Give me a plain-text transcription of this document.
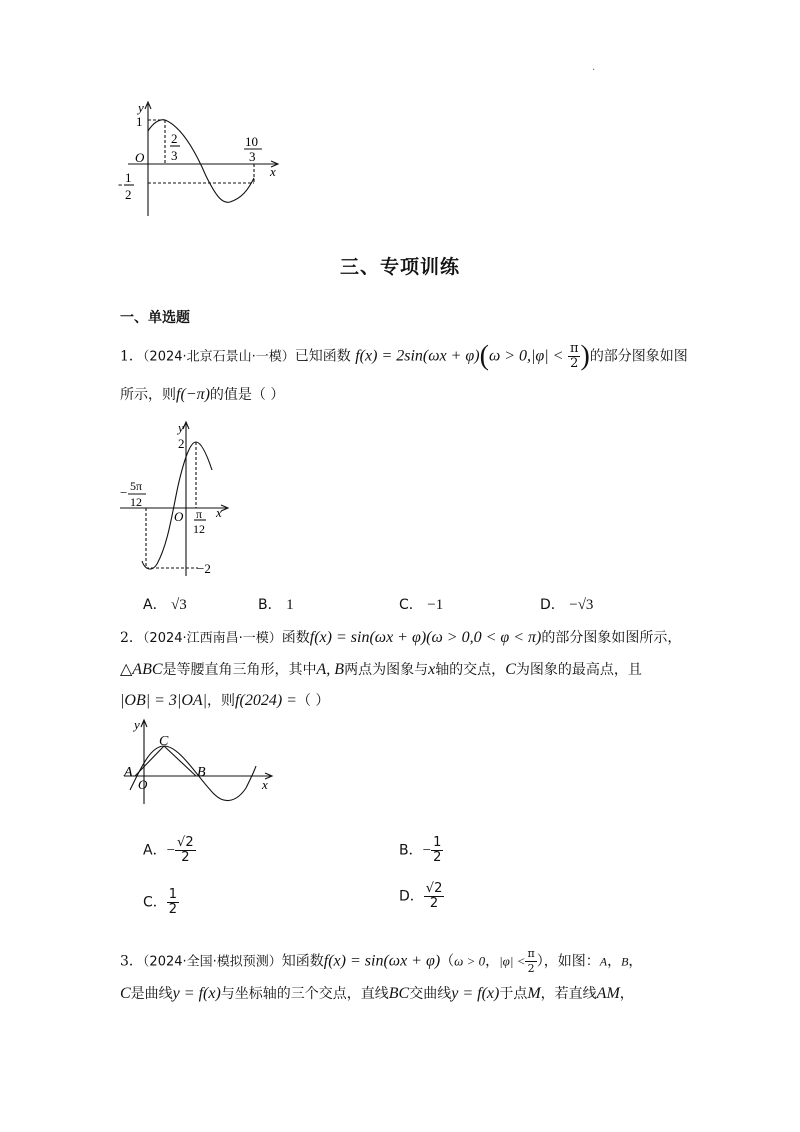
.
y
x
O
1
2
3
10
3
- 1
2
三、专项训练
一、单选题
1．（2024·北京石景山·一模）已知函数 $f(x) = 2\sin(\omega x + \varphi)(\omega > 0,|\varphi| < \frac{\pi}{2}$ )的部分图象如图
所示，则f(−π)的值是（ ）
y
x
O
2
−2
− 5π
12
π
12
A． √3	B． 1	C． −1	D． −√3
2．（2024·江西南昌·一模）函数f(x) = sin(ωx + φ)(ω > 0,0 < φ < π)的部分图象如图所示，
△ABC是等腰直角三角形，其中A, B两点为图象与x轴的交点，C为图象的最高点，且
|OB| = 3|OA|，则f(2024) =（ ）
y
x
O
A	B
C
A．− $\frac{√2}{2}$	B．− $\frac{1}{2}$
C． $\frac{1}{2}$	D． $\frac{√2}{2}$
3．（2024·全国·模拟预测）知函数f(x) = sin(ωx + φ)（ω > 0，$|\varphi| < \frac{\pi}{2}$ ），如图：A，B，
C是曲线y = f(x)与坐标轴的三个交点，直线BC交曲线y = f(x)于点M，若直线AM，
